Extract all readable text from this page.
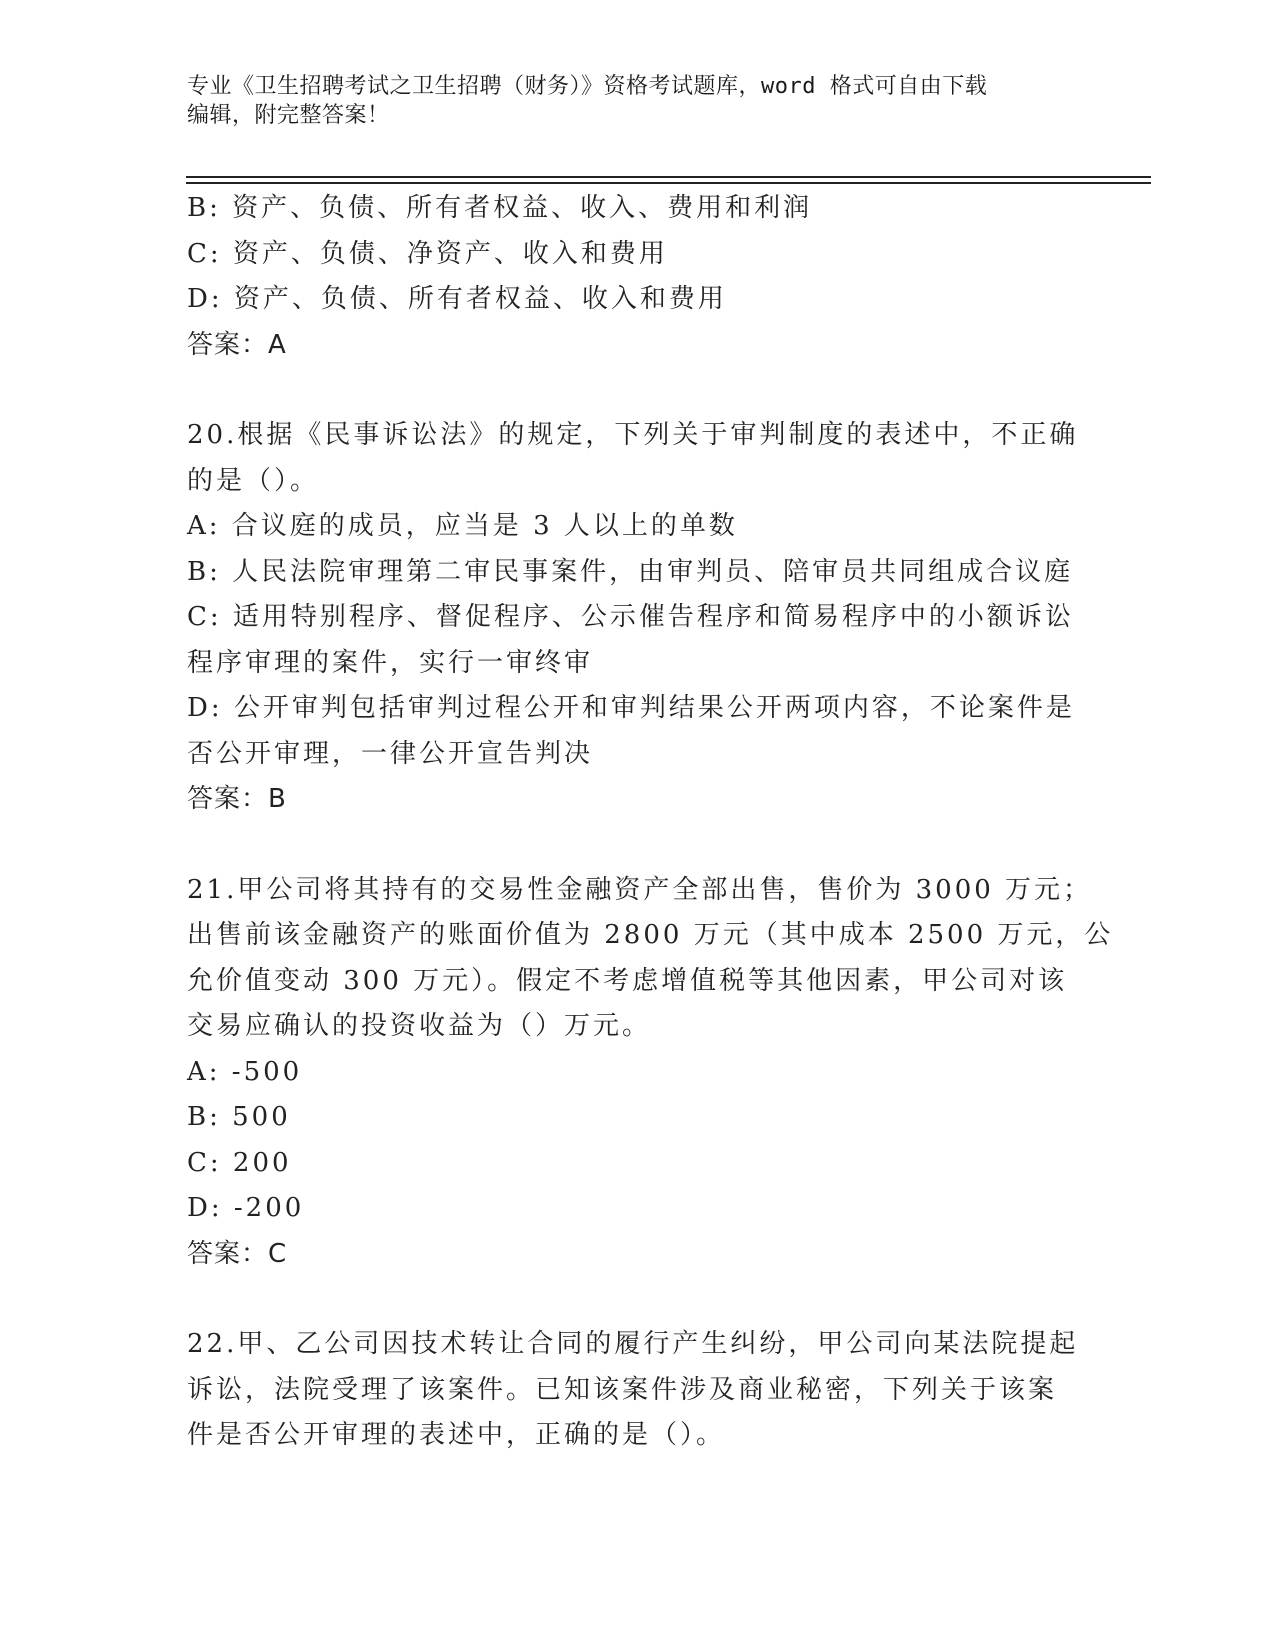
专业《卫生招聘考试之卫生招聘（财务）》资格考试题库，word 格式可自由下载
编辑，附完整答案！
B: 资产、负债、所有者权益、收入、费用和利润
C: 资产、负债、净资产、收入和费用
D: 资产、负债、所有者权益、收入和费用
答案：A
20.根据《民事诉讼法》的规定，下列关于审判制度的表述中，不正确
的是（）。
A: 合议庭的成员，应当是 3 人以上的单数
B: 人民法院审理第二审民事案件，由审判员、陪审员共同组成合议庭
C: 适用特别程序、督促程序、公示催告程序和简易程序中的小额诉讼
程序审理的案件，实行一审终审
D: 公开审判包括审判过程公开和审判结果公开两项内容，不论案件是
否公开审理，一律公开宣告判决
答案：B
21.甲公司将其持有的交易性金融资产全部出售，售价为 3000 万元；
出售前该金融资产的账面价值为 2800 万元（其中成本 2500 万元，公
允价值变动 300 万元）。假定不考虑增值税等其他因素，甲公司对该
交易应确认的投资收益为（）万元。
A: -500
B: 500
C: 200
D: -200
答案：C
22.甲、乙公司因技术转让合同的履行产生纠纷，甲公司向某法院提起
诉讼，法院受理了该案件。已知该案件涉及商业秘密，下列关于该案
件是否公开审理的表述中，正确的是（）。
